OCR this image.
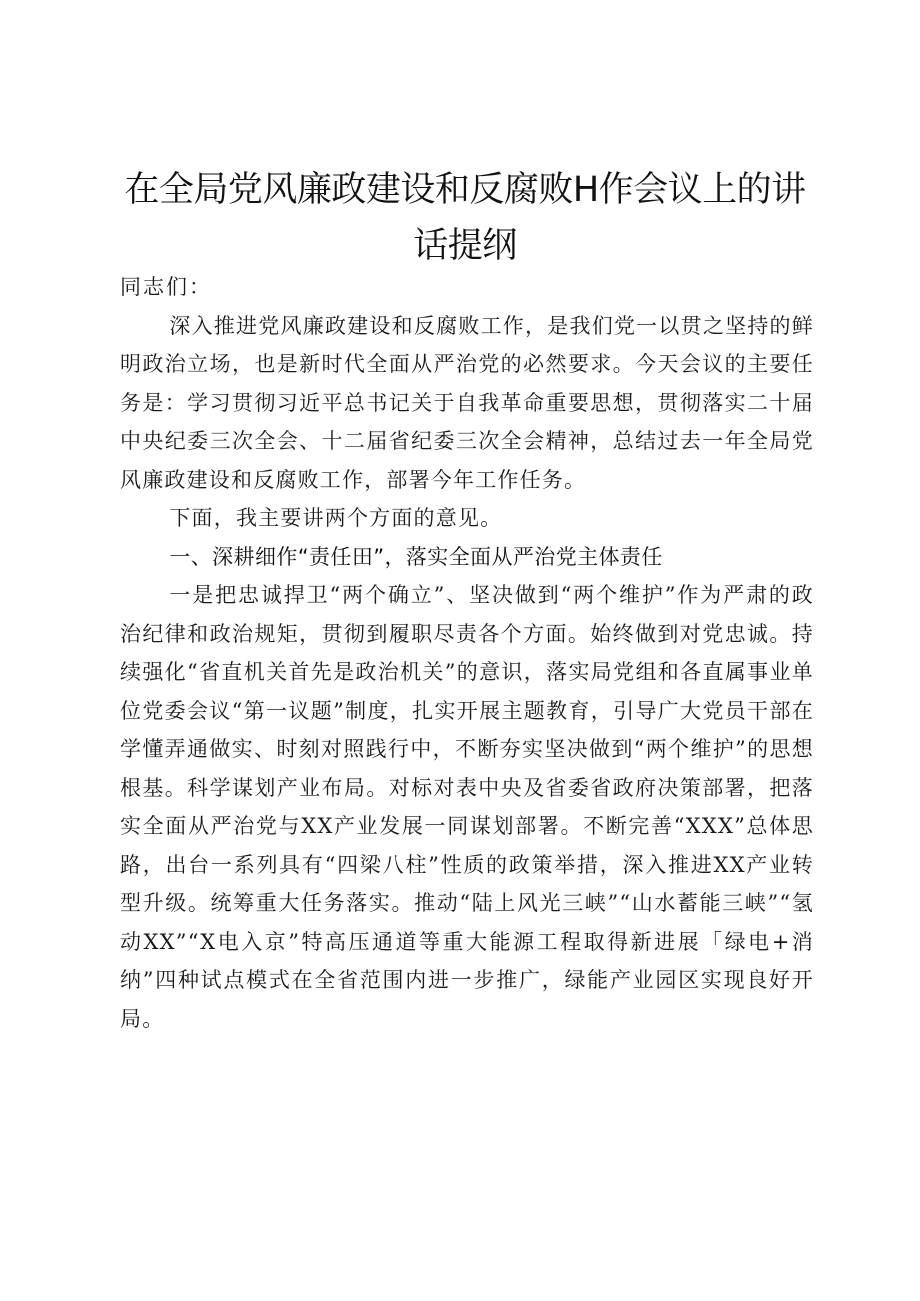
在全局党风廉政建设和反腐败H作会议上的讲话提纲

同志们：

深入推进党风廉政建设和反腐败工作，是我们党一以贯之坚持的鲜明政治立场，也是新时代全面从严治党的必然要求。今天会议的主要任务是：学习贯彻习近平总书记关于自我革命重要思想，贯彻落实二十届中央纪委三次全会、十二届省纪委三次全会精神，总结过去一年全局党风廉政建设和反腐败工作，部署今年工作任务。

下面，我主要讲两个方面的意见。

一、深耕细作“责任田”，落实全面从严治党主体责任

一是把忠诚捍卫“两个确立”、坚决做到“两个维护”作为严肃的政治纪律和政治规矩，贯彻到履职尽责各个方面。始终做到对党忠诚。持续强化“省直机关首先是政治机关”的意识，落实局党组和各直属事业单位党委会议“第一议题”制度，扎实开展主题教育，引导广大党员干部在学懂弄通做实、时刻对照践行中，不断夯实坚决做到“两个维护”的思想根基。科学谋划产业布局。对标对表中央及省委省政府决策部署，把落实全面从严治党与XX产业发展一同谋划部署。不断完善“XXX”总体思路，出台一系列具有“四梁八柱”性质的政策举措，深入推进XX产业转型升级。统筹重大任务落实。推动“陆上风光三峡”“山水蓄能三峡”“氢动XX”“X电入京”特高压通道等重大能源工程取得新进展「绿电+消纳”四种试点模式在全省范围内进一步推广，绿能产业园区实现良好开局。
